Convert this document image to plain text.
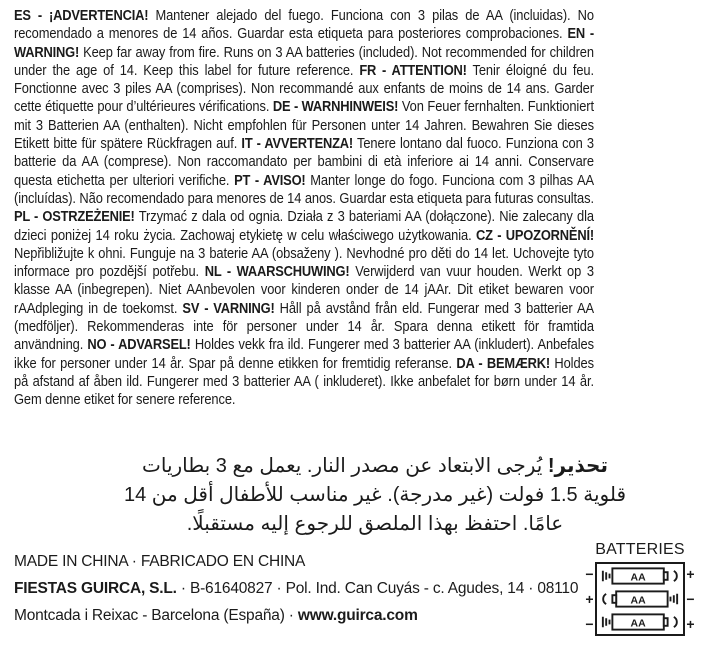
ES - ¡ADVERTENCIA! Mantener alejado del fuego. Funciona con 3 pilas de AA (incluidas). No recomendado a menores de 14 años. Guardar esta etiqueta para posteriores comprobaciones. EN - WARNING! Keep far away from fire. Runs on 3 AA batteries (included). Not recommended for children under the age of 14. Keep this label for future reference. FR - ATTENTION! Tenir éloigné du feu. Fonctionne avec 3 piles AA (comprises). Non recommandé aux enfants de moins de 14 ans. Garder cette étiquette pour d’ultérieures vérifications. DE - WARNHINWEIS! Von Feuer fernhalten. Funktioniert mit 3 Batterien AA (enthalten). Nicht empfohlen für Personen unter 14 Jahren. Bewahren Sie dieses Etikett bitte für spätere Rückfragen auf. IT - AVVERTENZA! Tenere lontano dal fuoco. Funziona con 3 batterie da AA (comprese). Non raccomandato per bambini di età inferiore ai 14 anni. Conservare questa etichetta per ulteriori verifiche. PT - AVISO! Manter longe do fogo. Funciona com 3 pilhas AA (incluídas). Não recomendado para menores de 14 anos. Guardar esta etiqueta para futuras consultas. PL - OSTRZEŻENIE! Trzymać z dala od ognia. Działa z 3 bateriami AA (dołączone). Nie zalecany dla dzieci poniżej 14 roku życia. Zachowaj etykietę w celu właściwego użytkowania. CZ - UPOZORNĚNÍ! Nepřibližujte k ohni. Funguje na 3 baterie AA (obsaženy ). Nevhodné pro děti do 14 let. Uchovejte tyto informace pro pozdější potřebu. NL - WAARSCHUWING! Verwijderd van vuur houden. Werkt op 3 klasse AA (inbegrepen). Niet AAnbevolen voor kinderen onder de 14 jAAr. Dit etiket bewaren voor rAAdpleging in de toekomst. SV - VARNING! Håll på avstånd från eld. Fungerar med 3 batterier AA (medföljer). Rekommenderas inte för personer under 14 år. Spara denna etikett för framtida användning. NO - ADVARSEL! Holdes vekk fra ild. Fungerer med 3 batterier AA (inkludert). Anbefales ikke for personer under 14 år. Spar på denne etikken for fremtidig referanse. DA - BEMÆRK! Holdes på afstand af åben ild. Fungerer med 3 batterier AA ( inkluderet). Ikke anbefalet for børn under 14 år. Gem denne etiket for senere reference.
تحذير! يُرجى الابتعاد عن مصدر النار. يعمل مع 3 بطاريات
قلوية 1.5 فولت (غير مدرجة). غير مناسب للأطفال أقل من 14
عامًا. احتفظ بهذا الملصق للرجوع إليه مستقبلًا.
MADE IN CHINA · FABRICADO EN CHINA
FIESTAS GUIRCA, S.L. · B-61640827 · Pol. Ind. Can Cuyás - c. Agudes, 14 · 08110
Montcada i Reixac - Barcelona (España) · www.guirca.com
BATTERIES
−
+
−
AA
AA
AA
+
−
+
